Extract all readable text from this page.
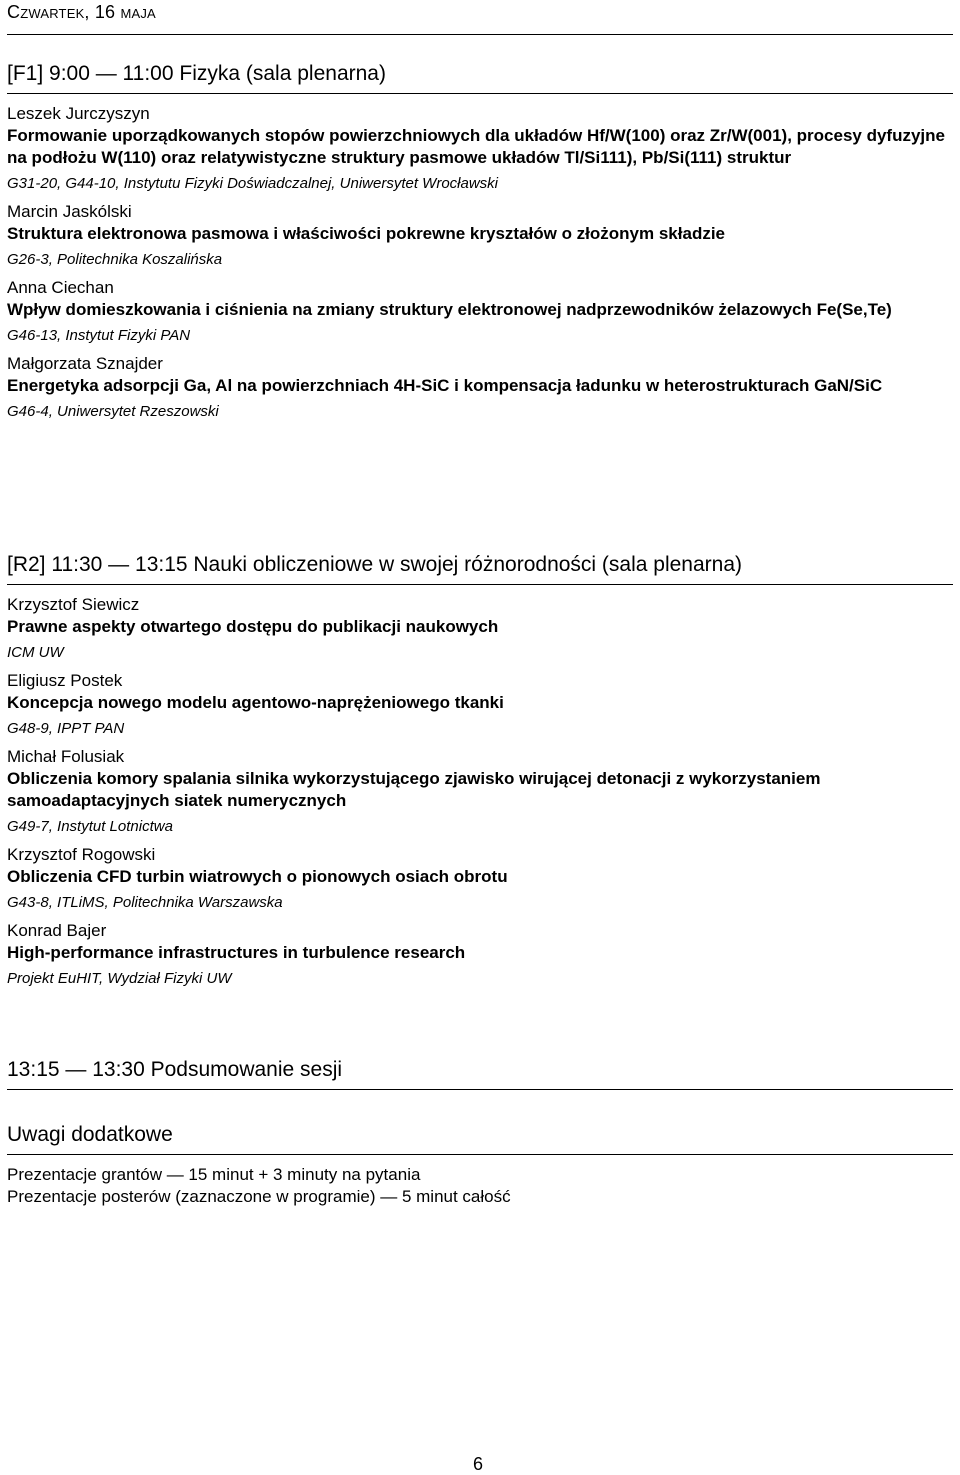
Czwartek, 16 maja
[F1] 9:00 — 11:00 Fizyka (sala plenarna)
Leszek Jurczyszyn
Formowanie uporządkowanych stopów powierzchniowych dla układów Hf/W(100) oraz Zr/W(001), procesy dyfuzyjne na podłożu W(110) oraz relatywistyczne struktury pasmowe układów Tl/Si111), Pb/Si(111) struktur
G31-20, G44-10, Instytutu Fizyki Doświadczalnej, Uniwersytet Wrocławski
Marcin Jaskólski
Struktura elektronowa pasmowa i właściwości pokrewne kryształów o złożonym składzie
G26-3, Politechnika Koszalińska
Anna Ciechan
Wpływ domieszkowania i ciśnienia na zmiany struktury elektronowej nadprzewodników żelazowych Fe(Se,Te)
G46-13, Instytut Fizyki PAN
Małgorzata Sznajder
Energetyka adsorpcji Ga, Al na powierzchniach 4H-SiC i kompensacja ładunku w heterostrukturach GaN/SiC
G46-4, Uniwersytet Rzeszowski
[R2] 11:30 — 13:15 Nauki obliczeniowe w swojej różnorodności (sala plenarna)
Krzysztof Siewicz
Prawne aspekty otwartego dostępu do publikacji naukowych
ICM UW
Eligiusz Postek
Koncepcja nowego modelu agentowo-naprężeniowego tkanki
G48-9, IPPT PAN
Michał Folusiak
Obliczenia komory spalania silnika wykorzystującego zjawisko wirującej detonacji z wykorzystaniem samoadaptacyjnych siatek numerycznych
G49-7, Instytut Lotnictwa
Krzysztof Rogowski
Obliczenia CFD turbin wiatrowych o pionowych osiach obrotu
G43-8, ITLiMS, Politechnika Warszawska
Konrad Bajer
High-performance infrastructures in turbulence research
Projekt EuHIT, Wydział Fizyki UW
13:15 — 13:30 Podsumowanie sesji
Uwagi dodatkowe
Prezentacje grantów — 15 minut + 3 minuty na pytania
Prezentacje posterów (zaznaczone w programie) — 5 minut całość
6
